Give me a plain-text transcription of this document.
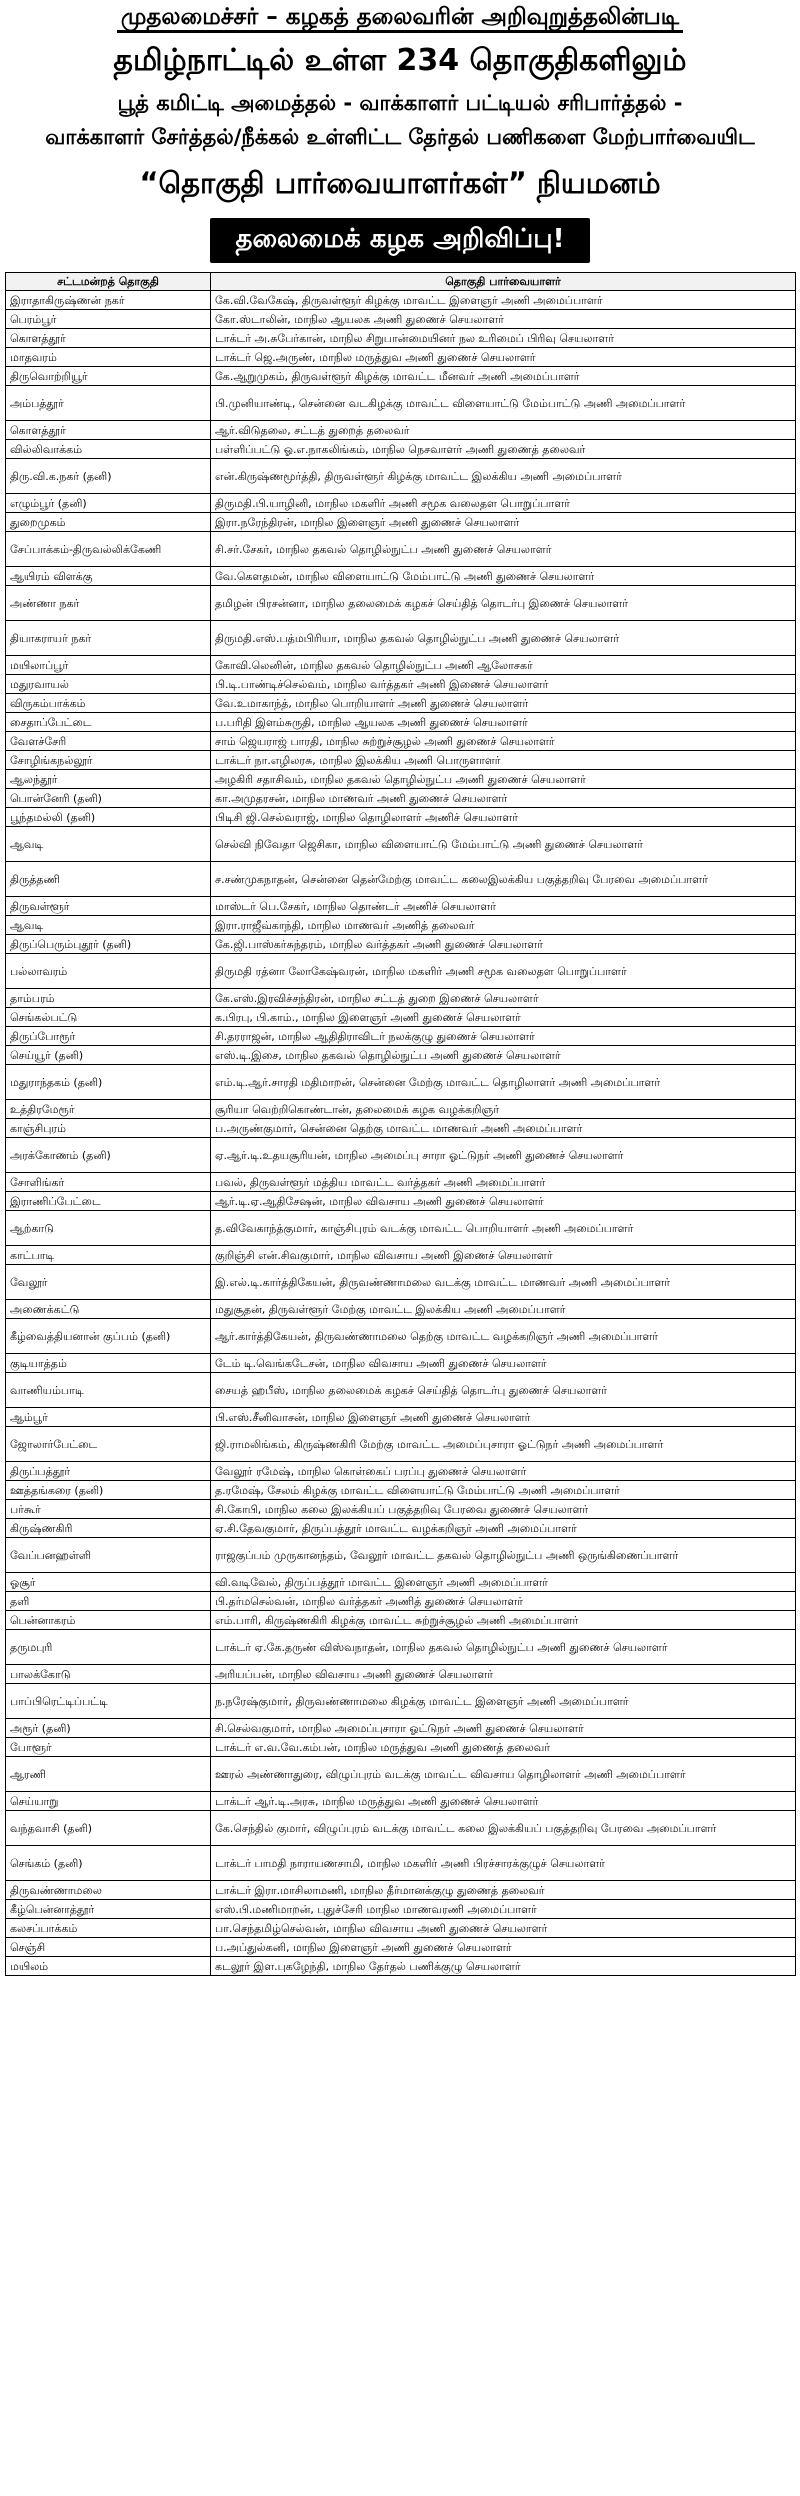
முதலமைச்சர் – கழகத் தலைவரின் அறிவுறுத்தலின்படி
தமிழ்நாட்டில் உள்ள 234 தொகுதிகளிலும்
பூத் கமிட்டி அமைத்தல் - வாக்காளர் பட்டியல் சரிபார்த்தல் -
வாக்காளர் சேர்த்தல்/நீக்கல் உள்ளிட்ட தேர்தல் பணிகளை மேற்பார்வையிட
“தொகுதி பார்வையாளர்கள்” நியமனம்
தலைமைக் கழக அறிவிப்பு!
சட்டமன்றத் தொகுதி	தொகுதி பார்வையாளர்
இராதாகிருஷ்ணன் நகர்	கே.வி.வேகேஷ், திருவள்ளூர் கிழக்கு மாவட்ட இளைஞர் அணி அமைப்பாளர்
பெரம்பூர்	கோ.ஸ்டாலின், மாநில ஆயலக அணி துணைச் செயலாளர்
கொளத்தூர்	டாக்டர் அ.சுபேர்கான், மாநில சிறுபான்மையினர் நல உரிமைப் பிரிவு செயலாளர்
மாதவரம்	டாக்டர் ஜெ.அருண், மாநில மருத்துவ அணி துணைச் செயலாளர்
திருவொற்றியூர்	கே.ஆறுமுகம், திருவள்ளூர் கிழக்கு மாவட்ட மீனவர் அணி அமைப்பாளர்
அம்பத்தூர்	பி.முனியாண்டி, சென்னை வடகிழக்கு மாவட்ட விளையாட்டு மேம்பாட்டு அணி அமைப்பாளர்
கொளத்தூர்	ஆர்.விடுதலை, சட்டத் துறைத் தலைவர்
வில்லிவாக்கம்	பள்ளிப்பட்டு ஓ.எ.நாகலிங்கம், மாநில நெசவாளர் அணி துணைத் தலைவர்
திரு.வி.க.நகர் (தனி)	என்.கிருஷ்ணமூர்த்தி, திருவள்ளூர் கிழக்கு மாவட்ட இலக்கிய அணி அமைப்பாளர்
எழும்பூர் (தனி)	திருமதி.பி.யாழினி, மாநில மகளிர் அணி சமூக வலைதள பொறுப்பாளர்
துறைமுகம்	இரா.நரேந்திரன், மாநில இளைஞர் அணி துணைச் செயலாளர்
சேப்பாக்கம்-திருவல்லிக்கேணி	சி.சர்.சேகர், மாநில தகவல் தொழில்நுட்ப அணி துணைச் செயலாளர்
ஆயிரம் விளக்கு	வே.கௌதமன், மாநில விளையாட்டு மேம்பாட்டு அணி துணைச் செயலாளர்
அண்ணா நகர்	தமிழன் பிரசன்னா, மாநில தலைமைக் கழகச் செய்தித் தொடர்பு இணைச் செயலாளர்
தியாகராயர் நகர்	திருமதி.எஸ்.பத்மபிரியா, மாநில தகவல் தொழில்நுட்ப அணி துணைச் செயலாளர்
மயிலாப்பூர்	கோவி.லெனின், மாநில தகவல் தொழில்நுட்ப அணி ஆலோசகர்
மதுரவாயல்	பி.டி.பாண்டிச்செல்வம், மாநில வர்த்தகர் அணி இணைச் செயலாளர்
விருகம்பாக்கம்	வே.உமாகாந்த், மாநில பொறியாளர் அணி துணைச் செயலாளர்
சைதாப்பேட்டை	ப.பரிதி இளம்சுருதி, மாநில ஆயலக அணி துணைச் செயலாளர்
வேளச்சேரி	சாம் ஜெயராஜ் பாரதி, மாநில சுற்றுச்சூழல் அணி துணைச் செயலாளர்
சோழிங்கநல்லூர்	டாக்டர் நா.எழிலரசு, மாநில இலக்கிய அணி பொருளாளர்
ஆலந்தூர்	அழகிரி சதாசிவம், மாநில தகவல் தொழில்நுட்ப அணி துணைச் செயலாளர்
பொன்னேரி (தனி)	கா.அமுதரசன், மாநில மாணவர் அணி துணைச் செயலாளர்
பூந்தமல்லி (தனி)	பிடிசி ஜி.செல்வராஜ், மாநில தொழிலாளர் அணிச் செயலாளர்
ஆவடி	செல்வி நிவேதா ஜெசிகா, மாநில விளையாட்டு மேம்பாட்டு அணி துணைச் செயலாளர்
திருத்தணி	ச.சண்முகநாதன், சென்னை தென்மேற்கு மாவட்ட கலைஇலக்கிய பகுத்தறிவு பேரவை அமைப்பாளர்
திருவள்ளூர்	மாஸ்டர் பெ.சேகர், மாநில தொண்டர் அணிச் செயலாளர்
ஆவடி	இரா.ராஜீவ்காந்தி, மாநில மாணவர் அணித் தலைவர்
திருப்பெரும்புதூர் (தனி)	கே.ஜி.பாஸ்கர்சுந்தரம், மாநில வர்த்தகர் அணி துணைச் செயலாளர்
பல்லாவரம்	திருமதி ரத்னா லோகேஷ்வரன், மாநில மகளிர் அணி சமூக வலைதள பொறுப்பாளர்
தாம்பரம்	கே.எஸ்.இரவிச்சந்திரன், மாநில சட்டத் துறை இணைச் செயலாளர்
செங்கல்பட்டு	க.பிரபு, பி.காம்., மாநில இளைஞர் அணி துணைச் செயலாளர்
திருப்போரூர்	சி.தரராஜன், மாநில ஆதிதிராவிடர் நலக்குழு துணைச் செயலாளர்
செய்யூர் (தனி)	எஸ்.டி.இசை, மாநில தகவல் தொழில்நுட்ப அணி துணைச் செயலாளர்
மதுராந்தகம் (தனி)	எம்.டி.ஆர்.சாரதி மதிமாறன், சென்னை மேற்கு மாவட்ட தொழிலாளர் அணி அமைப்பாளர்
உத்திரமேரூர்	சூரியா வெற்றிகொண்டான், தலைமைக் கழக வழக்கறிஞர்
காஞ்சிபுரம்	ப.அருண்குமார், சென்னை தெற்கு மாவட்ட மாணவர் அணி அமைப்பாளர்
அரக்கோணம் (தனி)	ஏ.ஆர்.டி.உதயசூரியன், மாநில அமைப்பு சாரா ஓட்டுநர் அணி துணைச் செயலாளர்
சோளிங்கர்	பவல், திருவள்ளூர் மத்திய மாவட்ட வர்த்தகர் அணி அமைப்பாளர்
இராணிப்பேட்டை	ஆர்.டி.ஏ.ஆதிசேஷன், மாநில விவசாய அணி துணைச் செயலாளர்
ஆற்காடு	த.விவேகாந்த்குமார், காஞ்சிபுரம் வடக்கு மாவட்ட பொறியாளர் அணி அமைப்பாளர்
காட்பாடி	குறிஞ்சி என்.சிவகுமார், மாநில விவசாய அணி இணைச் செயலாளர்
வேலூர்	இ.எல்.டி.கார்த்திகேயன், திருவண்ணாமலை வடக்கு மாவட்ட மாணவர் அணி அமைப்பாளர்
அணைக்கட்டு	மதுசூதன், திருவள்ளூர் மேற்கு மாவட்ட இலக்கிய அணி அமைப்பாளர்
கீழ்வைத்தியனான் குப்பம் (தனி)	ஆர்.கார்த்திகேயன், திருவண்ணாமலை தெற்கு மாவட்ட வழக்கறிஞர் அணி அமைப்பாளர்
குடியாத்தம்	டேம் டி.வெங்கடேசன், மாநில விவசாய அணி துணைச் செயலாளர்
வாணியம்பாடி	சையத் ஹபீஸ், மாநில தலைமைக் கழகச் செய்தித் தொடர்பு துணைச் செயலாளர்
ஆம்பூர்	பி.எஸ்.சீனிவாசன், மாநில இளைஞர் அணி துணைச் செயலாளர்
ஜோலார்பேட்டை	ஜி.ராமலிங்கம், கிருஷ்ணகிரி மேற்கு மாவட்ட அமைப்புசாரா ஓட்டுநர் அணி அமைப்பாளர்
திருப்பத்தூர்	வேலூர் ரமேஷ், மாநில கொள்கைப் பரப்பு துணைச் செயலாளர்
ஊத்தங்கரை (தனி)	த.ரமேஷ், சேலம் கிழக்கு மாவட்ட விளையாட்டு மேம்பாட்டு அணி அமைப்பாளர்
பர்கூர்	சி.கோபி, மாநில கலை இலக்கியப் பகுத்தறிவு பேரவை துணைச் செயலாளர்
கிருஷ்ணகிரி	ஏ.சி.தேவகுமார், திருப்பத்தூர் மாவட்ட வழக்கறிஞர் அணி அமைப்பாளர்
வேப்பனஹள்ளி	ராஜகுப்பம் முருகானந்தம், வேலூர் மாவட்ட தகவல் தொழில்நுட்ப அணி ஒருங்கிணைப்பாளர்
ஓசூர்	வி.வடிவேல், திருப்பத்தூர் மாவட்ட இளைஞர் அணி அமைப்பாளர்
தளி	பி.தர்மசெல்வன், மாநில வர்த்தகர் அணித் துணைச் செயலாளர்
பென்னாகரம்	எம்.பாரி, கிருஷ்ணகிரி கிழக்கு மாவட்ட சுற்றுச்சூழல் அணி அமைப்பாளர்
தருமபுரி	டாக்டர் ஏ.கே.தருண் விஸ்வநாதன், மாநில தகவல் தொழில்நுட்ப அணி துணைச் செயலாளர்
பாலக்கோடு	அரியப்பன், மாநில விவசாய அணி துணைச் செயலாளர்
பாப்பிரெட்டிப்பட்டி	ந.நரேஷ்குமார், திருவண்ணாமலை கிழக்கு மாவட்ட இளைஞர் அணி அமைப்பாளர்
அரூர் (தனி)	சி.செல்வகுமார், மாநில அமைப்புசாரா ஓட்டுநர் அணி துணைச் செயலாளர்
போளூர்	டாக்டர் எ.வ.வே.கம்பன், மாநில மருத்துவ அணி துணைத் தலைவர்
ஆரணி	ஊரல் அண்ணாதுரை, விழுப்புரம் வடக்கு மாவட்ட விவசாய தொழிலாளர் அணி அமைப்பாளர்
செய்யாறு	டாக்டர் ஆர்.டி.அரசு, மாநில மருத்துவ அணி துணைச் செயலாளர்
வந்தவாசி (தனி)	கே.செந்தில் குமார், விழுப்புரம் வடக்கு மாவட்ட கலை இலக்கியப் பகுத்தறிவு பேரவை அமைப்பாளர்
செங்கம் (தனி)	டாக்டர் பாமதி நாராயணசாமி, மாநில மகளிர் அணி பிரச்சாரக்குழுச் செயலாளர்
திருவண்ணாமலை	டாக்டர் இரா.மாசிலாமணி, மாநில தீர்மானக்குழு துணைத் தலைவர்
கீழ்பென்னாத்தூர்	எஸ்.பி.மணிமாறன், புதுச்சேரி மாநில மாணவரணி அமைப்பாளர்
கலசப்பாக்கம்	பா.செந்தமிழ்செல்வன், மாநில விவசாய அணி துணைச் செயலாளர்
செஞ்சி	ப.அப்துல்கனி, மாநில இளைஞர் அணி துணைச் செயலாளர்
மயிலம்	கடலூர் இள.புகழேந்தி, மாநில தேர்தல் பணிக்குழு செயலாளர்
